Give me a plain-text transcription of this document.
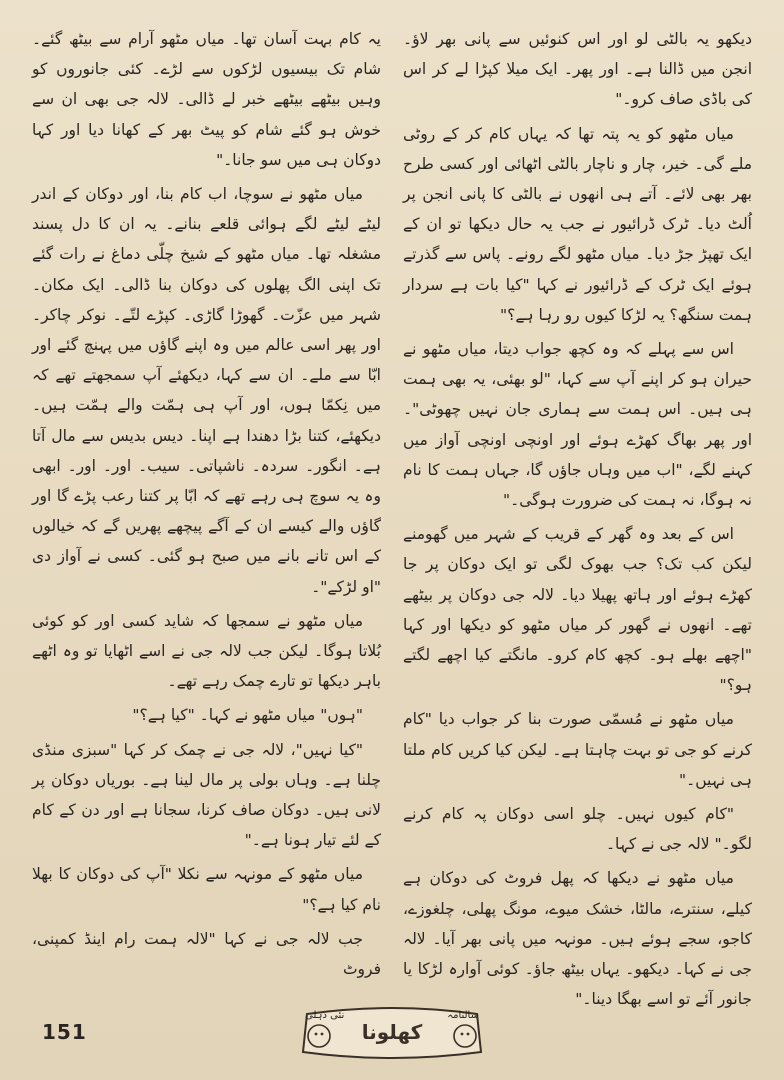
دیکھو یہ بالٹی لو اور اس کنوئیں سے پانی بھر لاؤ۔ انجن میں ڈالنا ہے۔ اور پھر۔ ایک میلا کپڑا لے کر اس کی باڈی صاف کرو۔"

میاں مٹھو کو یہ پتہ تھا کہ یہاں کام کر کے روٹی ملے گی۔ خیر، چار و ناچار بالٹی اٹھائی اور کسی طرح بھر بھی لائے۔ آتے ہی انھوں نے بالٹی کا پانی انجن پر اُلٹ دیا۔ ٹرک ڈرائیور نے جب یہ حال دیکھا تو ان کے ایک تھپڑ جڑ دیا۔ میاں مٹھو لگے رونے۔ پاس سے گذرتے ہوئے ایک ٹرک کے ڈرائیور نے کہا "کیا بات ہے سردار ہمت سنگھ؟ یہ لڑکا کیوں رو رہا ہے؟"

اس سے پہلے کہ وہ کچھ جواب دیتا، میاں مٹھو نے حیران ہو کر اپنے آپ سے کہا، "لو بھئی، یہ بھی ہمت ہی ہیں۔ اس ہمت سے ہماری جان نہیں چھوٹی"۔ اور پھر بھاگ کھڑے ہوئے اور اونچی اونچی آواز میں کہنے لگے، "اب میں وہاں جاؤں گا، جہاں ہمت کا نام نہ ہوگا، نہ ہمت کی ضرورت ہوگی۔"

اس کے بعد وہ گھر کے قریب کے شہر میں گھومنے لیکن کب تک؟ جب بھوک لگی تو ایک دوکان پر جا کھڑے ہوئے اور ہاتھ پھیلا دیا۔ لالہ جی دوکان پر بیٹھے تھے۔ انھوں نے گھور کر میاں مٹھو کو دیکھا اور کہا "اچھے بھلے ہو۔ کچھ کام کرو۔ مانگتے کیا اچھے لگتے ہو؟"

میاں مٹھو نے مُسمّی صورت بنا کر جواب دیا "کام کرنے کو جی تو بہت چاہتا ہے۔ لیکن کیا کریں کام ملتا ہی نہیں۔"

"کام کیوں نہیں۔ چلو اسی دوکان پہ کام کرنے لگو۔" لالہ جی نے کہا۔

میاں مٹھو نے دیکھا کہ پھل فروٹ کی دوکان ہے کیلے، سنترے، مالٹا، خشک میوے، مونگ پھلی، چلغوزے، کاجو، سجے ہوئے ہیں۔ مونہہ میں پانی بھر آیا۔ لالہ جی نے کہا۔ دیکھو۔ یہاں بیٹھ جاؤ۔ کوئی آوارہ لڑکا یا جانور آئے تو اسے بھگا دینا۔"

یہ کام بہت آسان تھا۔ میاں مٹھو آرام سے بیٹھ گئے۔ شام تک بیسیوں لڑکوں سے لڑے۔ کئی جانوروں کو وہیں بیٹھے بیٹھے خبر لے ڈالی۔ لالہ جی بھی ان سے خوش ہو گئے شام کو پیٹ بھر کے کھانا دیا اور کہا دوکان ہی میں سو جانا۔"

میاں مٹھو نے سوچا، اب کام بنا، اور دوکان کے اندر لیٹے لیٹے لگے ہوائی قلعے بنانے۔ یہ ان کا دل پسند مشغلہ تھا۔ میاں مٹھو کے شیخ چلّی دماغ نے رات گئے تک اپنی الگ پھلوں کی دوکان بنا ڈالی۔ ایک مکان۔ شہر میں عزّت۔ گھوڑا گاڑی۔ کپڑے لتّے۔ نوکر چاکر۔ اور پھر اسی عالم میں وہ اپنے گاؤں میں پہنچ گئے اور ابّا سے ملے۔ ان سے کہا، دیکھئے آپ سمجھتے تھے کہ میں نِکمّا ہوں، اور آپ ہی ہمّت والے ہمّت ہیں۔ دیکھئے، کتنا بڑا دھندا ہے اپنا۔ دیس بدیس سے مال آتا ہے۔ انگور۔ سردہ۔ ناشپاتی۔ سیب۔ اور۔ اور۔ ابھی وہ یہ سوچ ہی رہے تھے کہ ابّا پر کتنا رعب پڑے گا اور گاؤں والے کیسے ان کے آگے پیچھے پھریں گے کہ خیالوں کے اس تانے بانے میں صبح ہو گئی۔ کسی نے آواز دی "او لڑکے"۔

میاں مٹھو نے سمجھا کہ شاید کسی اور کو کوئی بُلاتا ہوگا۔ لیکن جب لالہ جی نے اسے اٹھایا تو وہ اٹھے باہر دیکھا تو تارے چمک رہے تھے۔

"ہوں" میاں مٹھو نے کہا۔ "کیا ہے؟"

"کیا نہیں"، لالہ جی نے چمک کر کہا "سبزی منڈی چلنا ہے۔ وہاں بولی پر مال لینا ہے۔ بوریاں دوکان پر لانی ہیں۔ دوکان صاف کرنا، سجانا ہے اور دن کے کام کے لئے تیار ہونا ہے۔"

میاں مٹھو کے مونہہ سے نکلا "آپ کی دوکان کا بھلا نام کیا ہے؟"

جب لالہ جی نے کہا "لالہ ہمت رام اینڈ کمپنی، فروٹ

151
سالنامہ
نئی دہلی
کھلونا
